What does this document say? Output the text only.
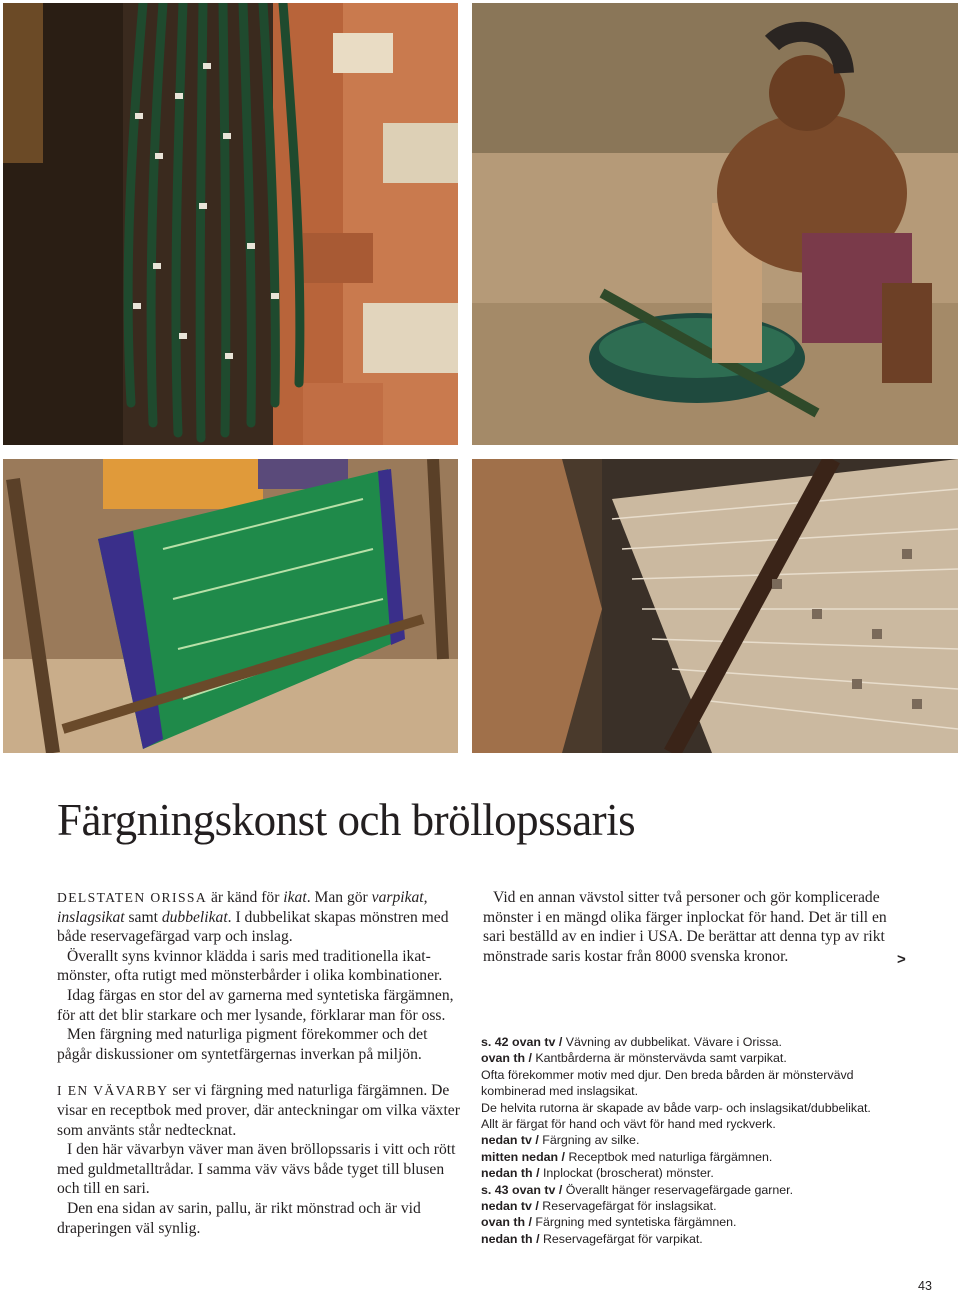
Färgningskonst och bröllopssaris

DELSTATEN ORISSA är känd för ikat. Man gör varpikat, inslagsikat samt dubbelikat. I dubbelikat skapas mönstren med både reservagefärgad varp och inslag.

Överallt syns kvinnor klädda i saris med traditionella ikat-mönster, ofta rutigt med mönsterbårder i olika kombinationer.

Idag färgas en stor del av garnerna med syntetiska färgämnen, för att det blir starkare och mer lysande, förklarar man för oss.

Men färgning med naturliga pigment förekommer och det pågår diskussioner om syntetfärgernas inverkan på miljön.

I EN VÄVARBY ser vi färgning med naturliga färgämnen. De visar en receptbok med prover, där anteckningar om vilka växter som använts står nedtecknat.

I den här vävarbyn väver man även bröllopssaris i vitt och rött med guldmetalltrådar. I samma väv vävs både tyget till blusen och till en sari.

Den ena sidan av sarin, pallu, är rikt mönstrad och är vid draperingen väl synlig.

Vid en annan vävstol sitter två personer och gör komplicerade mönster i en mängd olika färger inplockat för hand. Det är till en sari beställd av en indier i USA. De berättar att denna typ av rikt mönstrade saris kostar från 8000 svenska kronor.	>
s. 42 ovan tv / Vävning av dubbelikat. Vävare i Orissa.
ovan th / Kantbårderna är mönstervävda samt varpikat.
Ofta förekommer motiv med djur. Den breda bården är mönstervävd
kombinerad med inslagsikat.
De helvita rutorna är skapade av både varp- och inslagsikat/dubbelikat.
Allt är färgat för hand och vävt för hand med ryckverk.
nedan tv / Färgning av silke.
mitten nedan / Receptbok med naturliga färgämnen.
nedan th / Inplockat (broscherat) mönster.
s. 43 ovan tv / Överallt hänger reservagefärgade garner.
nedan tv / Reservagefärgat för inslagsikat.
ovan th / Färgning med syntetiska färgämnen.
nedan th / Reservagefärgat för varpikat.
43
